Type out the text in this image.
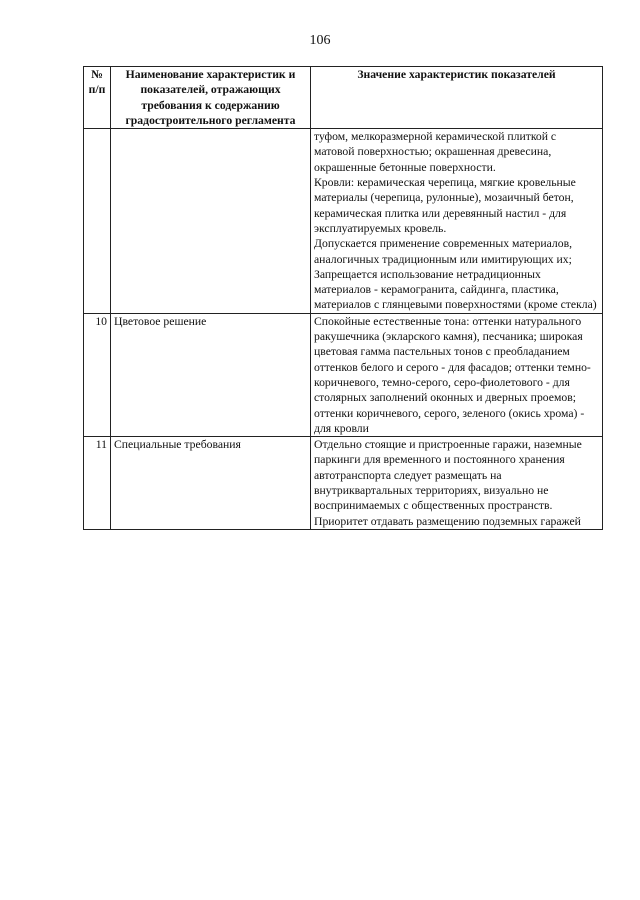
106
№ п/п	Наименование характеристик и показателей, отражающих требования к содержанию градостроительного регламента	Значение характеристик показателей

		туфом, мелкоразмерной керамической плиткой с матовой поверхностью; окрашенная древесина, окрашенные бетонные поверхности.
Кровли: керамическая черепица, мягкие кровельные материалы (черепица, рулонные), мозаичный бетон, керамическая плитка или деревянный настил - для эксплуатируемых кровель.
Допускается применение современных материалов, аналогичных традиционным или имитирующих их;
Запрещается использование нетрадиционных материалов - керамогранита, сайдинга, пластика, материалов с глянцевыми поверхностями (кроме стекла)

10	Цветовое решение	Спокойные естественные тона: оттенки натурального ракушечника (экларского камня), песчаника; широкая цветовая гамма пастельных тонов с преобладанием оттенков белого и серого - для фасадов; оттенки темно-коричневого, темно-серого, серо-фиолетового - для столярных заполнений оконных и дверных проемов; оттенки коричневого, серого, зеленого (окись хрома) - для кровли

11	Специальные требования	Отдельно стоящие и пристроенные гаражи, наземные паркинги для временного и постоянного хранения автотранспорта следует размещать на внутриквартальных территориях, визуально не воспринимаемых с общественных пространств. Приоритет отдавать размещению подземных гаражей
